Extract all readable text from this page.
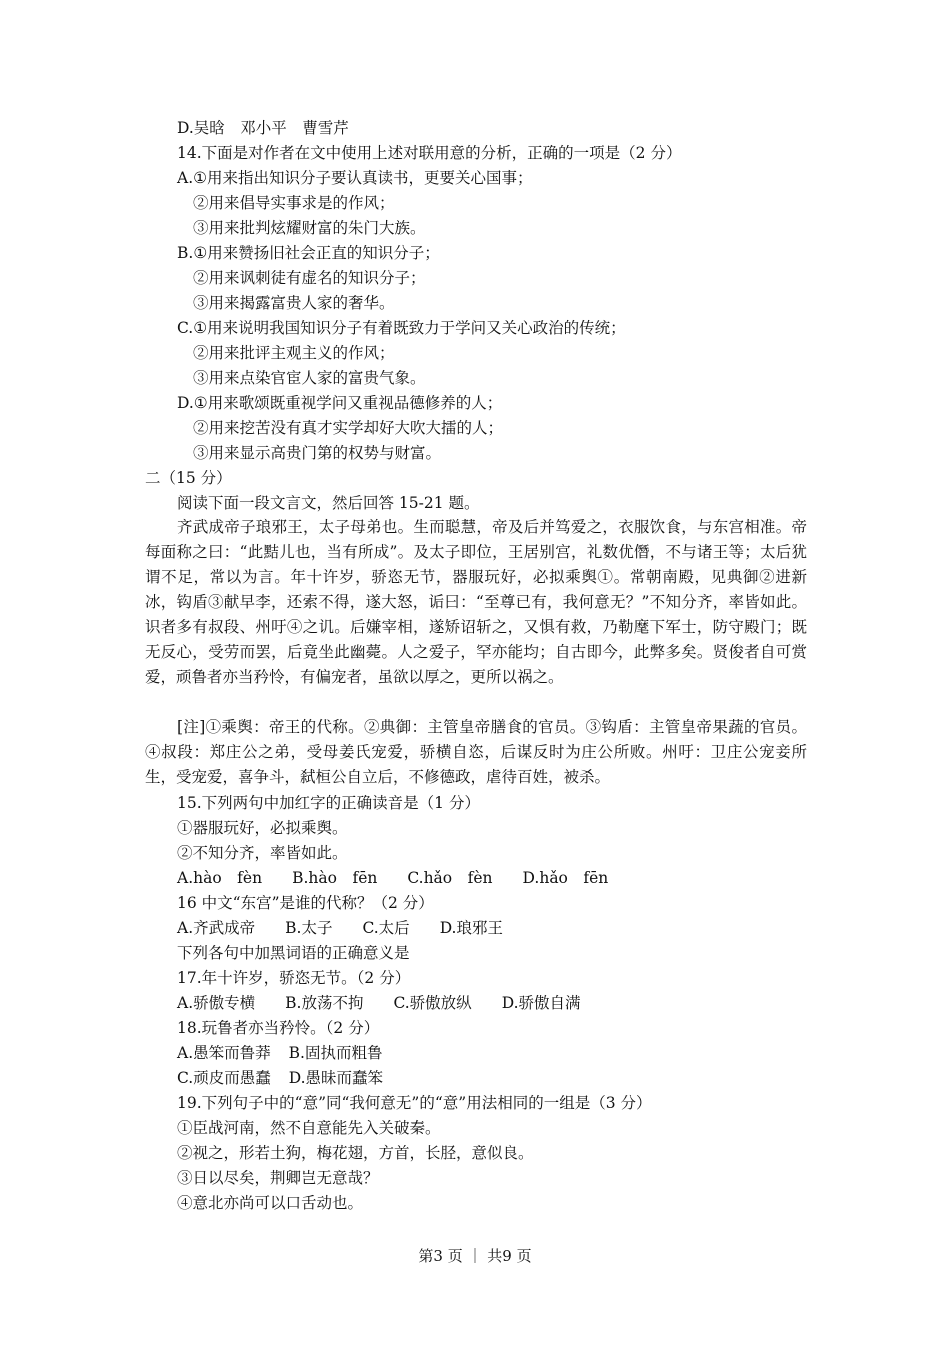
D.吴晗　邓小平　曹雪芹
14.下面是对作者在文中使用上述对联用意的分析，正确的一项是（2 分）
A.①用来指出知识分子要认真读书，更要关心国事；
②用来倡导实事求是的作风；
③用来批判炫耀财富的朱门大族。
B.①用来赞扬旧社会正直的知识分子；
②用来讽刺徒有虚名的知识分子；
③用来揭露富贵人家的奢华。
C.①用来说明我国知识分子有着既致力于学问又关心政治的传统；
②用来批评主观主义的作风；
③用来点染官宦人家的富贵气象。
D.①用来歌颂既重视学问又重视品德修养的人；
②用来挖苦没有真才实学却好大吹大擂的人；
③用来显示高贵门第的权势与财富。
二（15 分）
阅读下面一段文言文，然后回答 15-21 题。
齐武成帝子琅邪王，太子母弟也。生而聪慧，帝及后并笃爱之，衣服饮食，与东宫相准。帝每面称之曰：“此黠儿也，当有所成”。及太子即位，王居别宫，礼数优僭，不与诸王等；太后犹谓不足，常以为言。年十许岁，骄恣无节，器服玩好，必拟乘舆①。常朝南殿，见典御②进新冰，钩盾③献早李，还索不得，遂大怒，诟曰：“至尊已有，我何意无？”不知分齐，率皆如此。识者多有叔段、州吁④之讥。后嫌宰相，遂矫诏斩之，又惧有救，乃勒麾下军士，防守殿门；既无反心，受劳而罢，后竟坐此幽薨。人之爱子，罕亦能均；自古即今，此弊多矣。贤俊者自可赏爱，顽鲁者亦当矜怜，有偏宠者，虽欲以厚之，更所以祸之。
[注]①乘舆：帝王的代称。②典御：主管皇帝膳食的官员。③钩盾：主管皇帝果蔬的官员。④叔段：郑庄公之弟，受母姜氏宠爱，骄横自恣，后谋反时为庄公所败。州吁：卫庄公宠妾所生，受宠爱，喜争斗，弑桓公自立后，不修德政，虐待百姓，被杀。
15.下列两句中加红字的正确读音是（1 分）
①器服玩好，必拟乘舆。
②不知分齐，率皆如此。
A.hào　fèn B.hào　fēn C.hǎo　fèn D.hǎo　fēn
16 中文“东宫”是谁的代称？（2 分）
A.齐武成帝 B.太子 C.太后 D.琅邪王
下列各句中加黑词语的正确意义是
17.年十许岁，骄恣无节。（2 分）
A.骄傲专横 B.放荡不拘 C.骄傲放纵 D.骄傲自满
18.玩鲁者亦当矜怜。（2 分）
A.愚笨而鲁莽 B.固执而粗鲁
C.顽皮而愚蠢 D.愚昧而蠢笨
19.下列句子中的“意”同“我何意无”的“意”用法相同的一组是（3 分）
①臣战河南，然不自意能先入关破秦。
②视之，形若土狗，梅花翅，方首，长胫，意似良。
③日以尽矣，荆卿岂无意哉？
④意北亦尚可以口舌动也。
第3 页 ｜ 共9 页
